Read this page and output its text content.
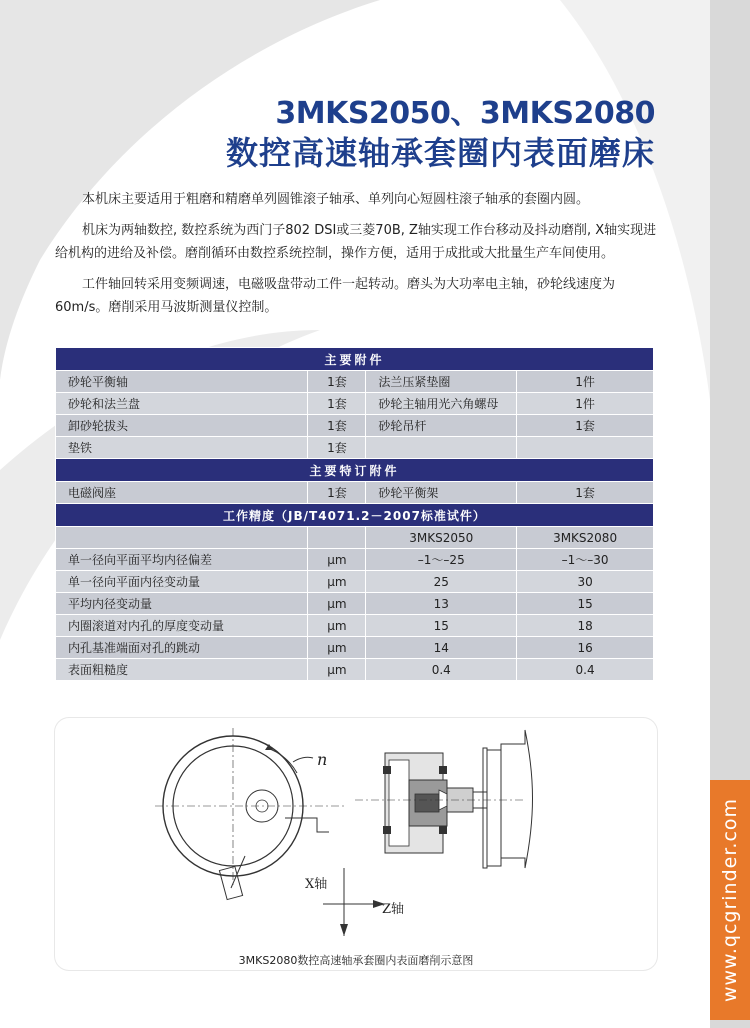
www.qcgrinder.com
3MKS2050、3MKS2080
数控高速轴承套圈内表面磨床

本机床主要适用于粗磨和精磨单列圆锥滚子轴承、单列向心短圆柱滚子轴承的套圈内圆。

机床为两轴数控, 数控系统为西门子802 DSI或三菱70B, Z轴实现工作台移动及抖动磨削, X轴实现进给机构的进给及补偿。磨削循环由数控系统控制，操作方便，适用于成批或大批量生产车间使用。

工件轴回转采用变频调速，电磁吸盘带动工件一起转动。磨头为大功率电主轴，砂轮线速度为60m/s。磨削采用马波斯测量仪控制。

主要附件			
砂轮平衡轴	1套	法兰压紧垫圈	1件
砂轮和法兰盘	1套	砂轮主轴用光六角螺母	1件
卸砂轮拔头	1套	砂轮吊杆	1套
垫铁	1套		
主要特订附件			
电磁阀座	1套	砂轮平衡架	1套
工作精度（JB/T4071.2－2007标准试件）			
		3MKS2050	3MKS2080
单一径向平面平均内径偏差	μm	–1～–25	–1～–30
单一径向平面内径变动量	μm	25	30
平均内径变动量	μm	13	15
内圈滚道对内孔的厚度变动量	μm	15	18
内孔基准端面对孔的跳动	μm	14	16
表面粗糙度	μm	0.4	0.4
n
X轴
Z轴
3MKS2080数控高速轴承套圈内表面磨削示意图
